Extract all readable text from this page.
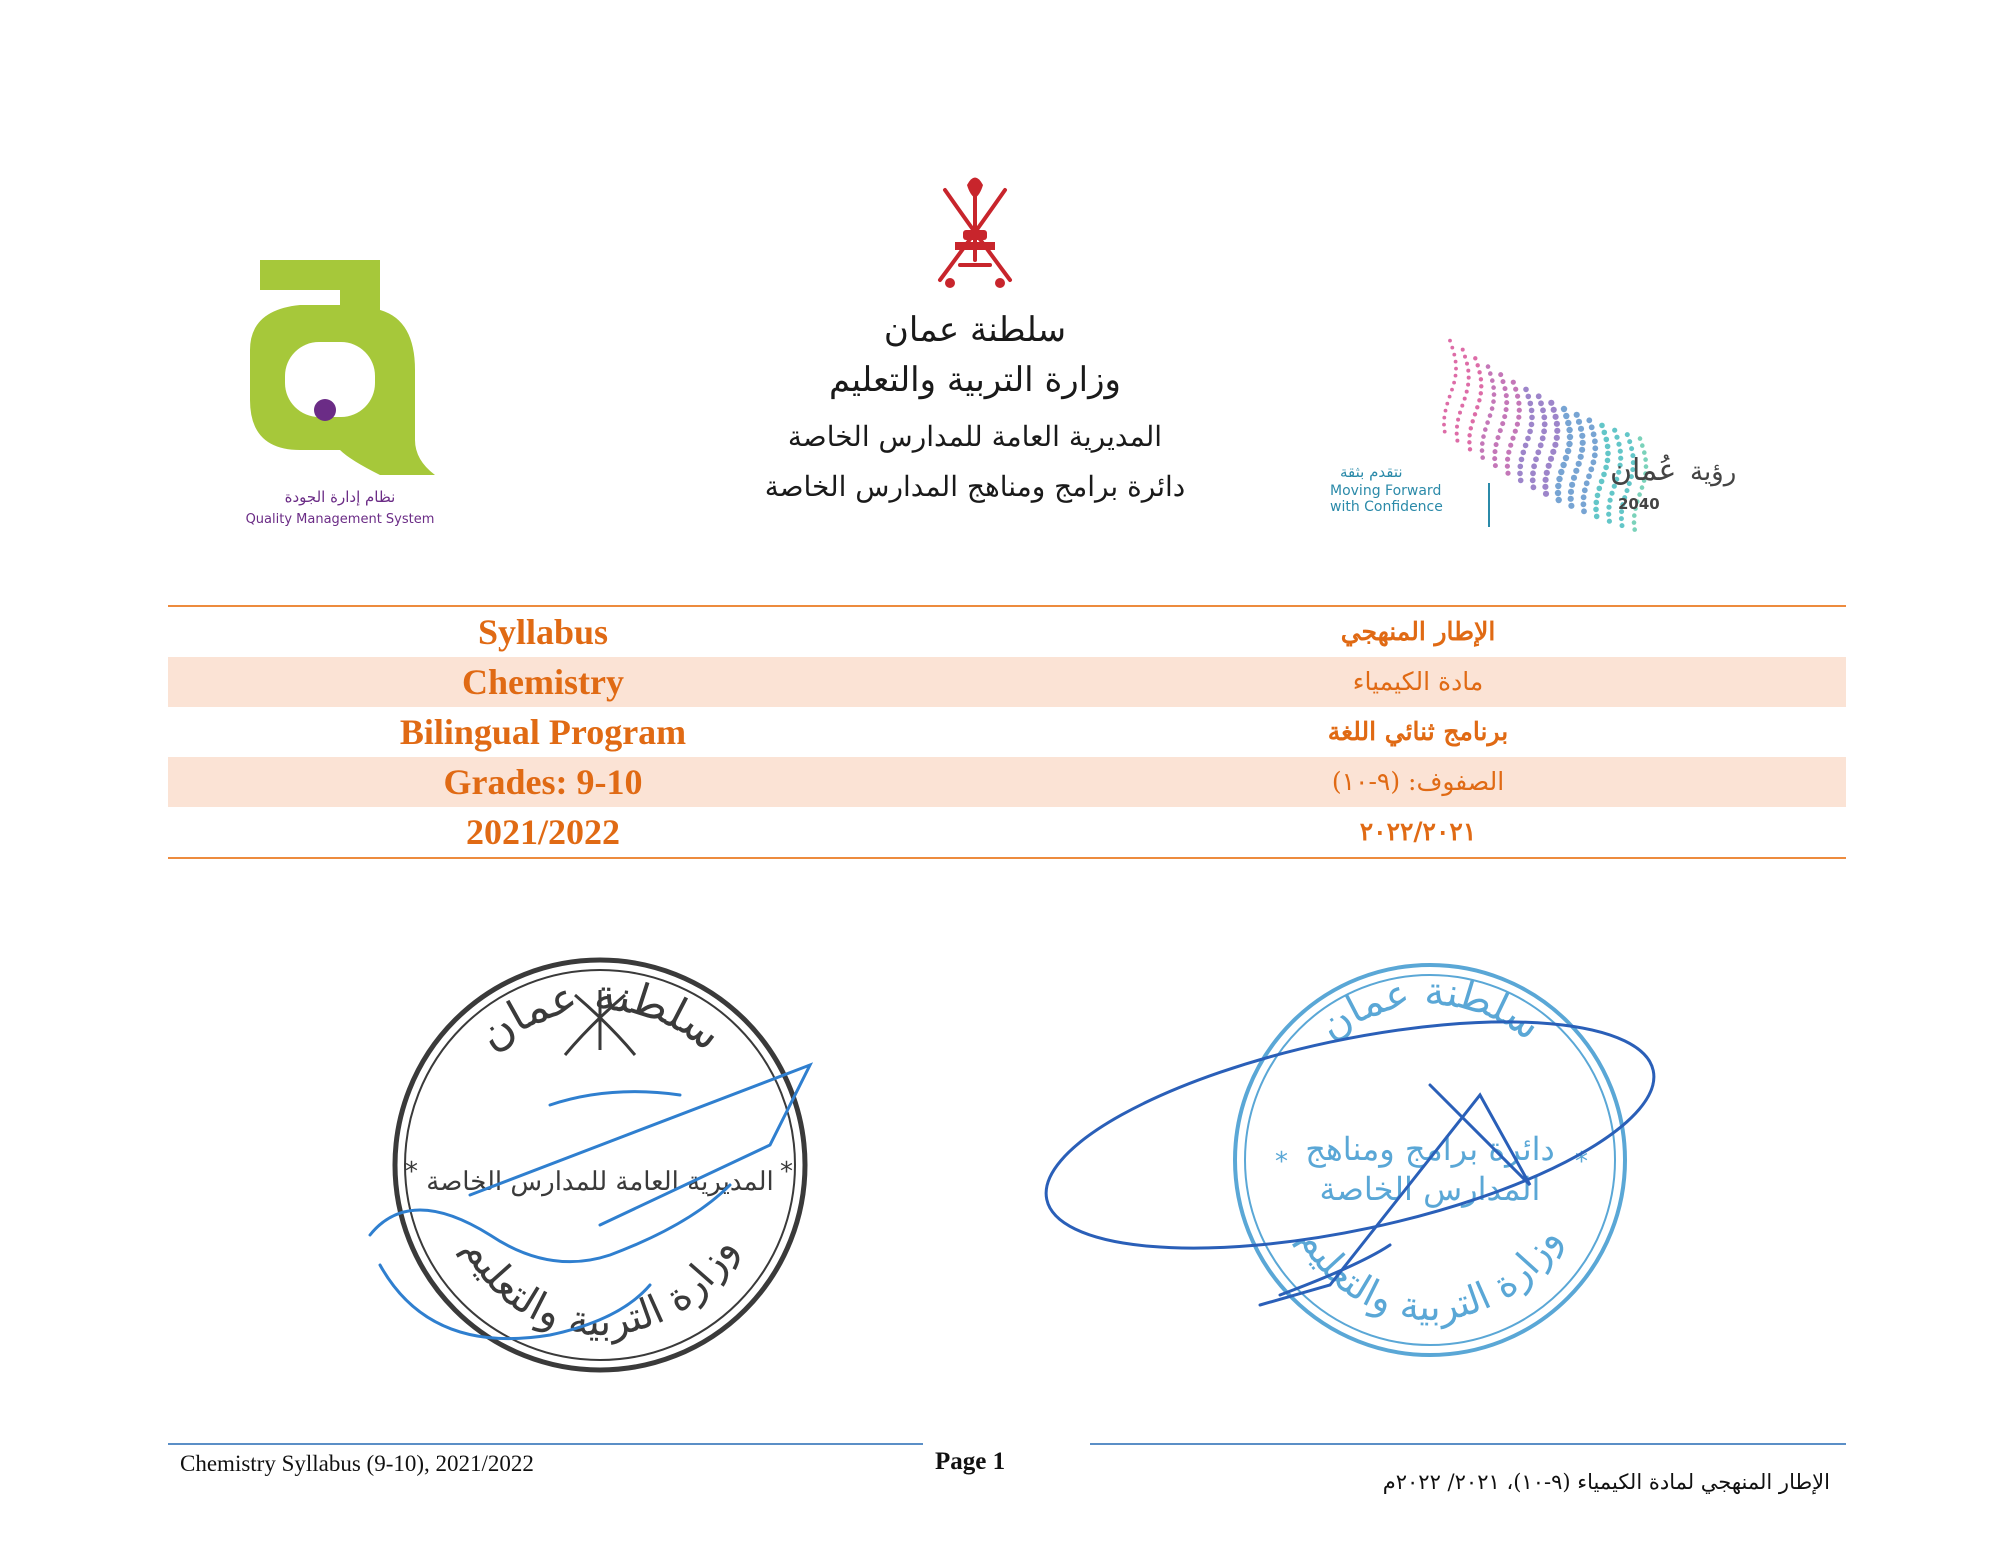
نظام إدارة الجودة
Quality Management System
سلطنة عمان
وزارة التربية والتعليم
المديرية العامة للمدارس الخاصة
دائرة برامج ومناهج المدارس الخاصة	عُمان رؤية
2040
نتقدم بثقة
Moving Forward
with Confidence
Syllabus	الإطار المنهجي
Chemistry	مادة الكيمياء
Bilingual Program	برنامج ثنائي اللغة
Grades: 9-10	الصفوف: (٩-١٠)
2021/2022	٢٠٢٢/٢٠٢١
سلطنة عمان
المديرية العامة للمدارس الخاصة
وزارة التربية والتعليم
*	*
سلطنة عمان
دائرة برامج ومناهج
المدارس الخاصة
وزارة التربية والتعليم
*	*
Chemistry Syllabus (9-10), 2021/2022	Page 1
الإطار المنهجي لمادة الكيمياء (٩-١٠)، ٢٠٢١/ ٢٠٢٢م
